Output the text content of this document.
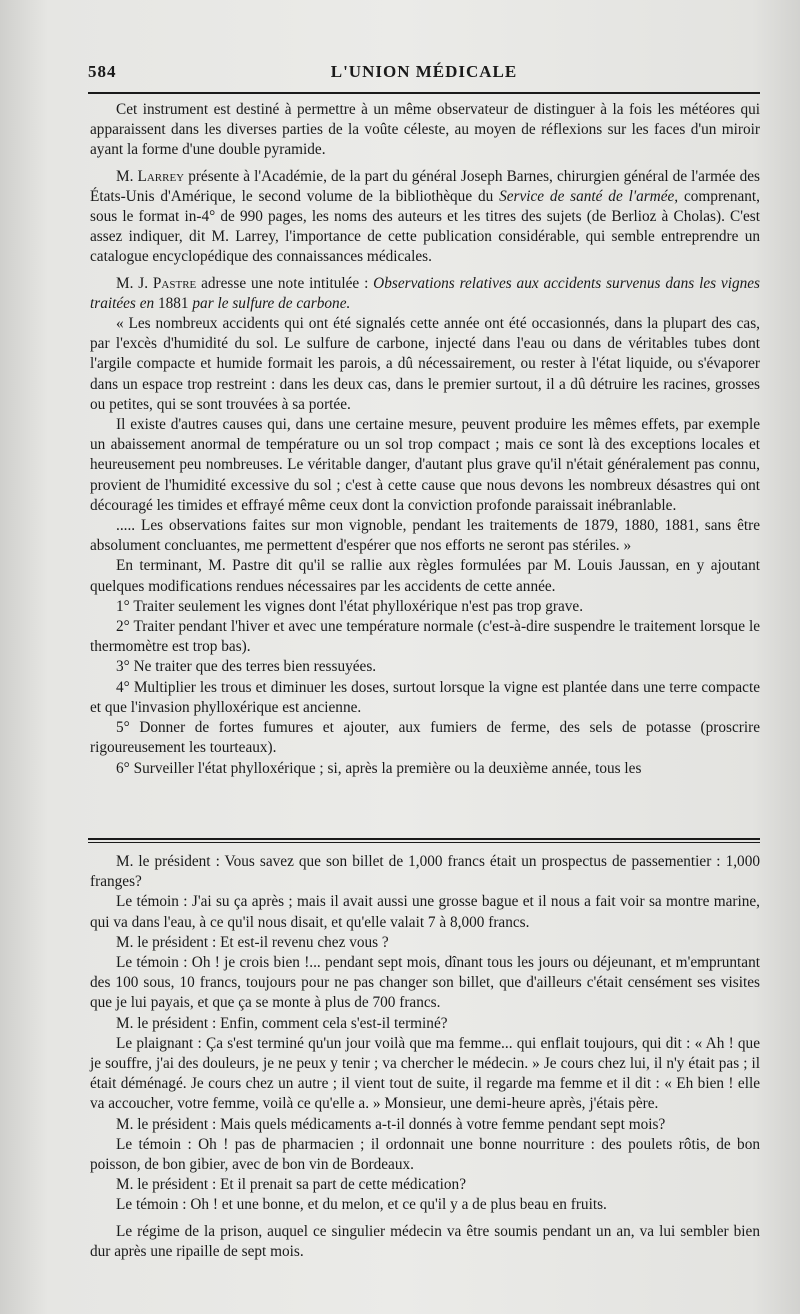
584	L'UNION MÉDICALE

Cet instrument est destiné à permettre à un même observateur de distinguer à la fois les météores qui apparaissent dans les diverses parties de la voûte céleste, au moyen de réflexions sur les faces d'un miroir ayant la forme d'une double pyramide.

M. Larrey présente à l'Académie, de la part du général Joseph Barnes, chirurgien général de l'armée des États-Unis d'Amérique, le second volume de la bibliothèque du Service de santé de l'armée, comprenant, sous le format in-4° de 990 pages, les noms des auteurs et les titres des sujets (de Berlioz à Cholas). C'est assez indiquer, dit M. Larrey, l'importance de cette publication considérable, qui semble entreprendre un catalogue encyclopédique des connaissances médicales.

M. J. Pastre adresse une note intitulée : Observations relatives aux accidents survenus dans les vignes traitées en 1881 par le sulfure de carbone.

« Les nombreux accidents qui ont été signalés cette année ont été occasionnés, dans la plupart des cas, par l'excès d'humidité du sol. Le sulfure de carbone, injecté dans l'eau ou dans de véritables tubes dont l'argile compacte et humide formait les parois, a dû nécessairement, ou rester à l'état liquide, ou s'évaporer dans un espace trop restreint : dans les deux cas, dans le premier surtout, il a dû détruire les racines, grosses ou petites, qui se sont trouvées à sa portée.

Il existe d'autres causes qui, dans une certaine mesure, peuvent produire les mêmes effets, par exemple un abaissement anormal de température ou un sol trop compact ; mais ce sont là des exceptions locales et heureusement peu nombreuses. Le véritable danger, d'autant plus grave qu'il n'était généralement pas connu, provient de l'humidité excessive du sol ; c'est à cette cause que nous devons les nombreux désastres qui ont découragé les timides et effrayé même ceux dont la conviction profonde paraissait inébranlable.

..... Les observations faites sur mon vignoble, pendant les traitements de 1879, 1880, 1881, sans être absolument concluantes, me permettent d'espérer que nos efforts ne seront pas stériles. »

En terminant, M. Pastre dit qu'il se rallie aux règles formulées par M. Louis Jaussan, en y ajoutant quelques modifications rendues nécessaires par les accidents de cette année.

1° Traiter seulement les vignes dont l'état phylloxérique n'est pas trop grave.

2° Traiter pendant l'hiver et avec une température normale (c'est-à-dire suspendre le traitement lorsque le thermomètre est trop bas).

3° Ne traiter que des terres bien ressuyées.

4° Multiplier les trous et diminuer les doses, surtout lorsque la vigne est plantée dans une terre compacte et que l'invasion phylloxérique est ancienne.

5° Donner de fortes fumures et ajouter, aux fumiers de ferme, des sels de potasse (proscrire rigoureusement les tourteaux).

6° Surveiller l'état phylloxérique ; si, après la première ou la deuxième année, tous les

M. le président : Vous savez que son billet de 1,000 francs était un prospectus de passementier : 1,000 franges?

Le témoin : J'ai su ça après ; mais il avait aussi une grosse bague et il nous a fait voir sa montre marine, qui va dans l'eau, à ce qu'il nous disait, et qu'elle valait 7 à 8,000 francs.

M. le président : Et est-il revenu chez vous ?

Le témoin : Oh ! je crois bien !... pendant sept mois, dînant tous les jours ou déjeunant, et m'empruntant des 100 sous, 10 francs, toujours pour ne pas changer son billet, que d'ailleurs c'était censément ses visites que je lui payais, et que ça se monte à plus de 700 francs.

M. le président : Enfin, comment cela s'est-il terminé?

Le plaignant : Ça s'est terminé qu'un jour voilà que ma femme... qui enflait toujours, qui dit : « Ah ! que je souffre, j'ai des douleurs, je ne peux y tenir ; va chercher le médecin. » Je cours chez lui, il n'y était pas ; il était déménagé. Je cours chez un autre ; il vient tout de suite, il regarde ma femme et il dit : « Eh bien ! elle va accoucher, votre femme, voilà ce qu'elle a. » Monsieur, une demi-heure après, j'étais père.

M. le président : Mais quels médicaments a-t-il donnés à votre femme pendant sept mois?

Le témoin : Oh ! pas de pharmacien ; il ordonnait une bonne nourriture : des poulets rôtis, de bon poisson, de bon gibier, avec de bon vin de Bordeaux.

M. le président : Et il prenait sa part de cette médication?

Le témoin : Oh ! et une bonne, et du melon, et ce qu'il y a de plus beau en fruits.

Le régime de la prison, auquel ce singulier médecin va être soumis pendant un an, va lui sembler bien dur après une ripaille de sept mois.
